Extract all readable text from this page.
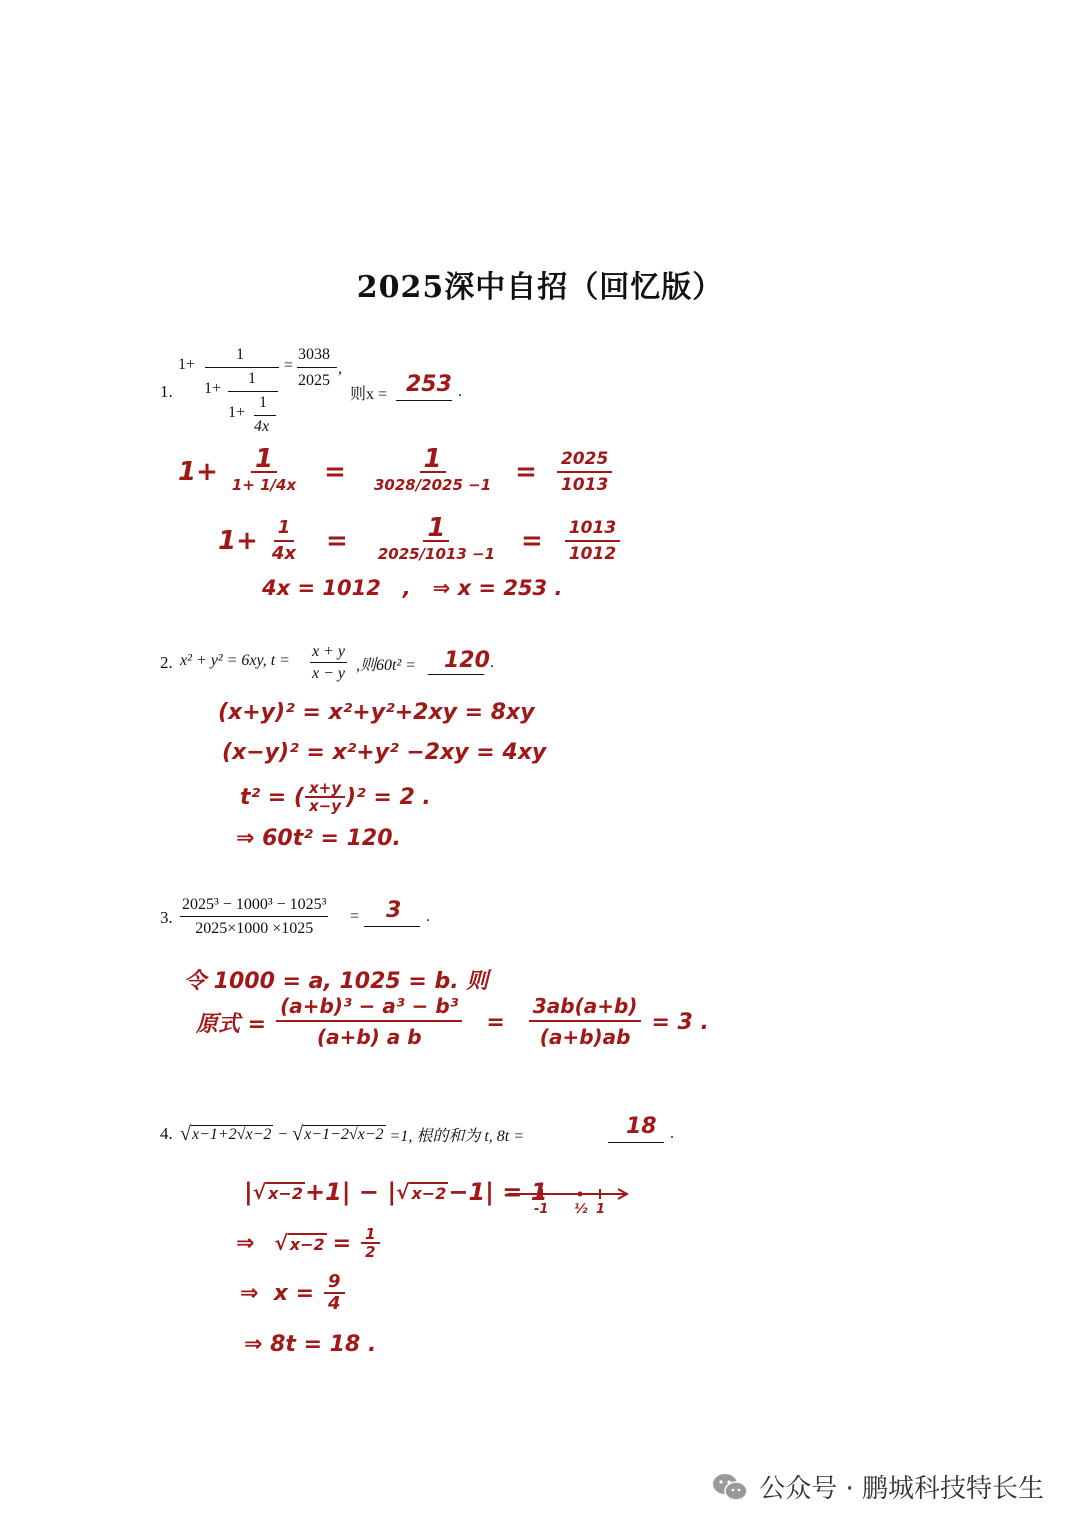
2025深中自招（回忆版）
1.
1+
1
1+
1
1+
1
4x
=
3038
2025
,
则x = 253 .
$1+ \frac{1}{1+ 1/4x} = \frac{1}{3028/2025 -1} = \frac{2025}{1013}$
$1+ \frac{1}{4x} = \frac{1}{2025/1013 -1} = \frac{1013}{1012}$
4x = 1012   ,   ⇒ x = 253 .
2. x² + y² = 6xy, t =
x + y
x − y ,则60t² = 120 .
(x+y)² = x²+y²+2xy = 8xy
(x−y)² = x²+y² −2xy = 4xy
t² = ( $\frac{x+y}{x-y} )^2 = 2$ .
⇒ 60t² = 120.
3.
2025³ − 1000³ − 1025³
2025×1000 ×1025
= 3 .
令 1000 = a, 1025 = b. 则
原式 = $\frac{\text{(a+b)³ − a³ − b³}}{\text{(a+b) a b}} = \frac{3ab(a+b)}{(a+b)ab} = 3$ .
4. √ x−1+2√x−2 − √ x−1−2√x−2 =1, 根的和为 t, 8t =	18 .
| √ x−2 +1| − | √ x−2 −1| = 1
-1 ½ 1
⇒ √ $x-2 = \frac{1}{2}$
⇒  $x = \frac{9}{4}$
⇒ 8t = 18 .
公众号 · 鹏城科技特长生
